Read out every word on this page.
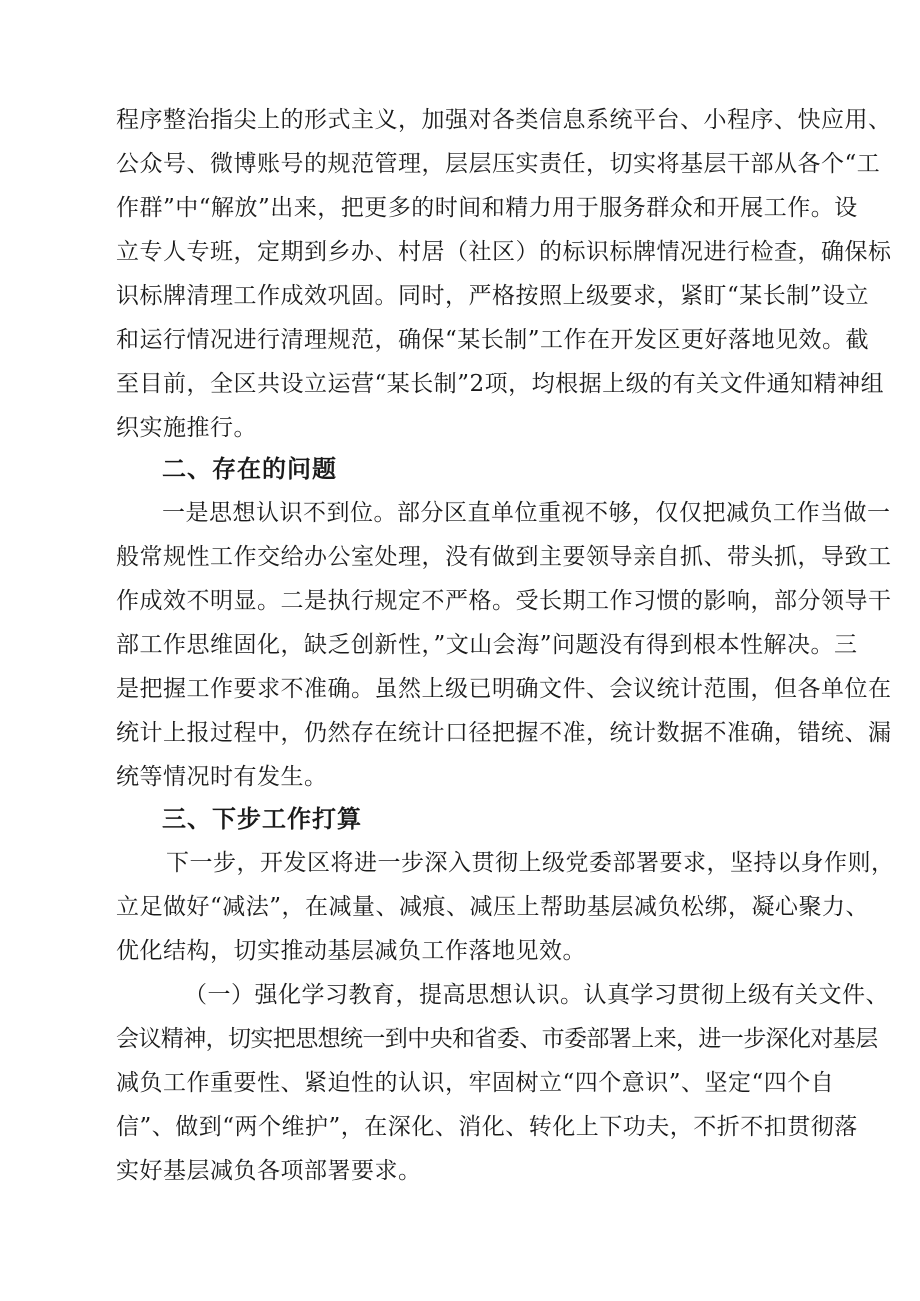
程序整治指尖上的形式主义，加强对各类信息系统平台、小程序、快应用、
公众号、微博账号的规范管理，层层压实责任，切实将基层干部从各个“工
作群”中“解放”出来，把更多的时间和精力用于服务群众和开展工作。设
立专人专班，定期到乡办、村居（社区）的标识标牌情况进行检查，确保标
识标牌清理工作成效巩固。同时，严格按照上级要求，紧盯“某长制”设立
和运行情况进行清理规范，确保“某长制”工作在开发区更好落地见效。截
至目前，全区共设立运营“某长制”2项，均根据上级的有关文件通知精神组
织实施推行。
二、存在的问题
一是思想认识不到位。部分区直单位重视不够，仅仅把减负工作当做一
般常规性工作交给办公室处理，没有做到主要领导亲自抓、带头抓，导致工
作成效不明显。二是执行规定不严格。受长期工作习惯的影响，部分领导干
部工作思维固化，缺乏创新性，”文山会海”问题没有得到根本性解决。三
是把握工作要求不准确。虽然上级已明确文件、会议统计范围，但各单位在
统计上报过程中，仍然存在统计口径把握不准，统计数据不准确，错统、漏
统等情况时有发生。
三、下步工作打算
下一步，开发区将进一步深入贯彻上级党委部署要求，坚持以身作则，
立足做好“减法”，在减量、减痕、减压上帮助基层减负松绑，凝心聚力、
优化结构，切实推动基层减负工作落地见效。
（一）强化学习教育，提高思想认识。认真学习贯彻上级有关文件、
会议精神，切实把思想统一到中央和省委、市委部署上来，进一步深化对基层
减负工作重要性、紧迫性的认识，牢固树立“四个意识”、坚定“四个自
信”、做到“两个维护”，在深化、消化、转化上下功夫，不折不扣贯彻落
实好基层减负各项部署要求。
